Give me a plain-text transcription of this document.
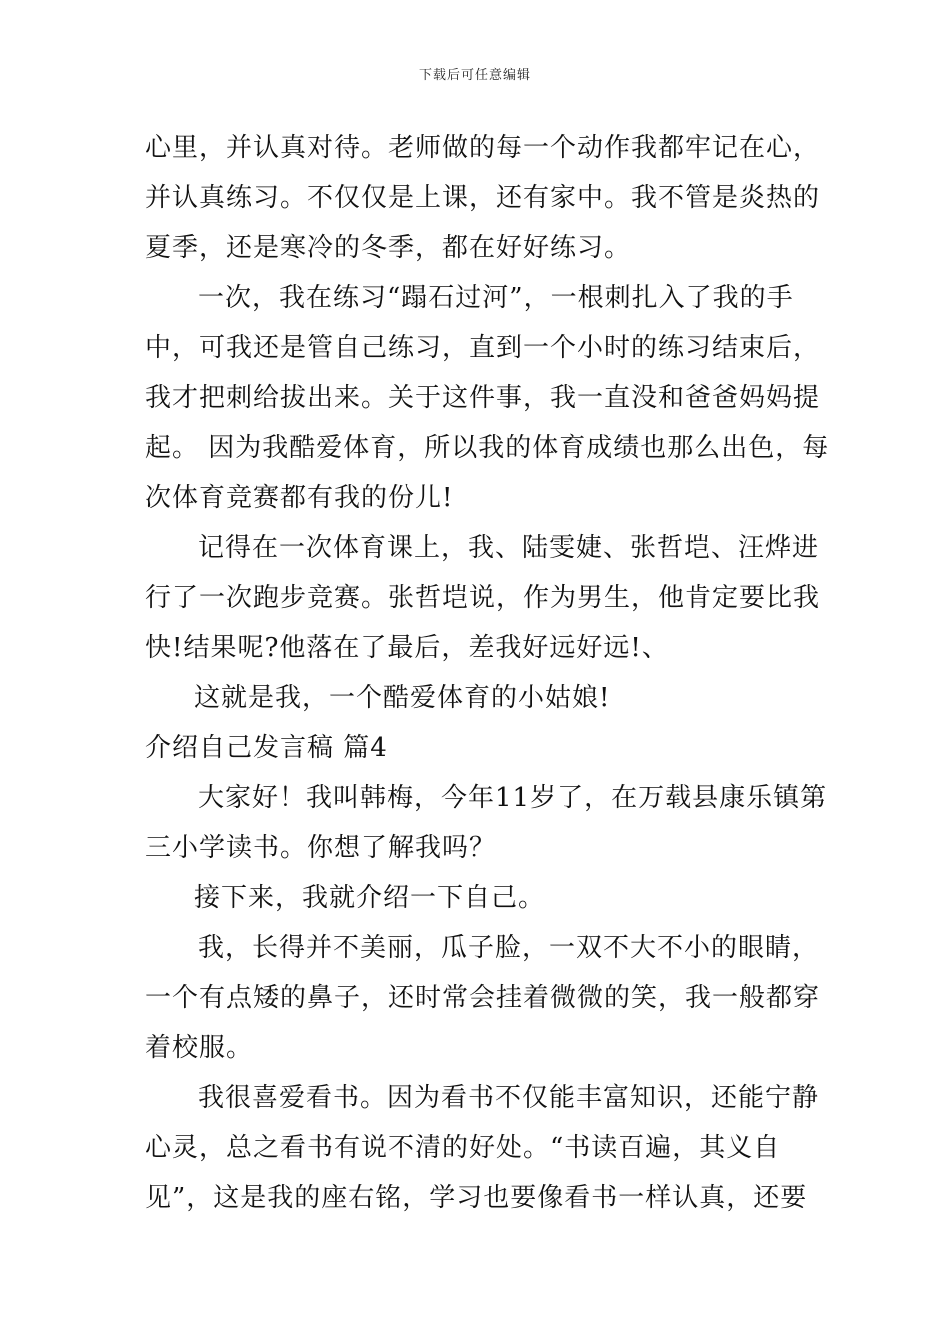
下载后可任意编辑
心里，并认真对待。老师做的每一个动作我都牢记在心，
并认真练习。不仅仅是上课，还有家中。我不管是炎热的
夏季，还是寒冷的冬季，都在好好练习。
一次，我在练习“蹋石过河”，一根刺扎入了我的手
中，可我还是管自己练习，直到一个小时的练习结束后，
我才把刺给拔出来。关于这件事，我一直没和爸爸妈妈提
起。 因为我酷爱体育，所以我的体育成绩也那么出色，每
次体育竞赛都有我的份儿!
记得在一次体育课上，我、陆雯婕、张哲垲、汪烨进
行了一次跑步竞赛。张哲垲说，作为男生，他肯定要比我
快!结果呢?他落在了最后，差我好远好远!、
这就是我，一个酷爱体育的小姑娘!
介绍自己发言稿 篇4
大家好！我叫韩梅，今年11岁了，在万载县康乐镇第
三小学读书。你想了解我吗？
接下来，我就介绍一下自己。
我，长得并不美丽，瓜子脸，一双不大不小的眼睛，
一个有点矮的鼻子，还时常会挂着微微的笑，我一般都穿
着校服。
我很喜爱看书。因为看书不仅能丰富知识，还能宁静
心灵，总之看书有说不清的好处。“书读百遍，其义自
见”，这是我的座右铭，学习也要像看书一样认真，还要
